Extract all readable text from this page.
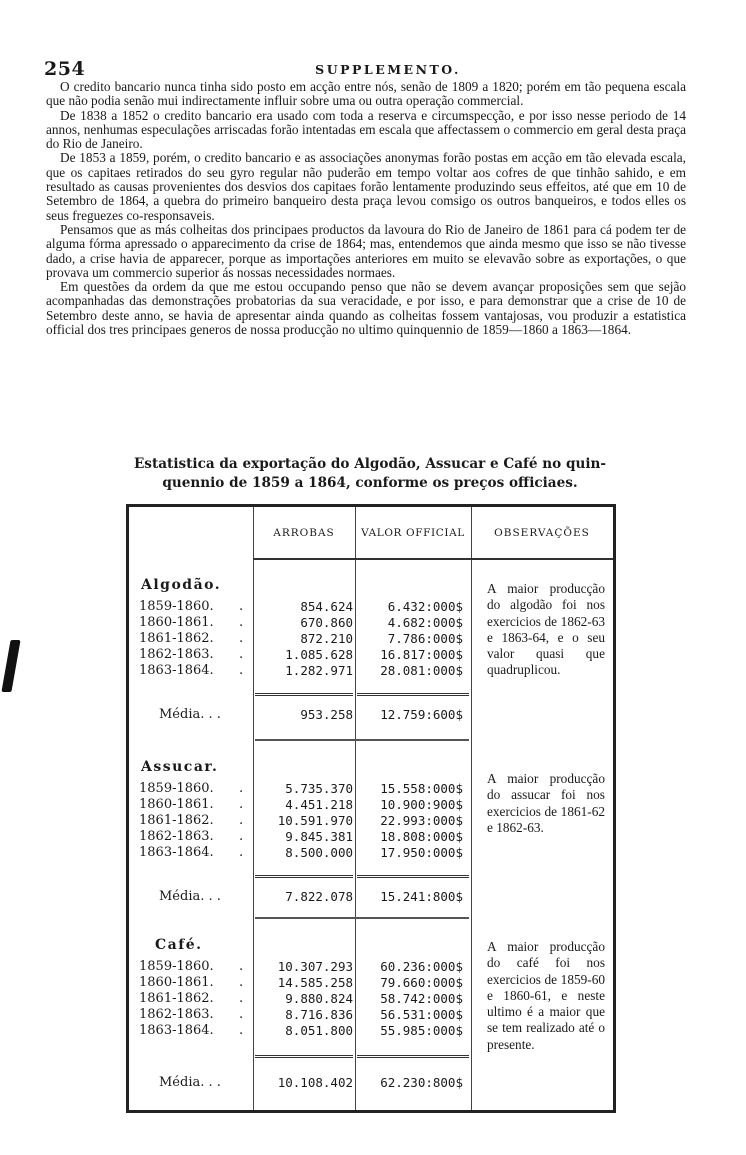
254	SUPPLEMENTO.

O credito bancario nunca tinha sido posto em acção entre nós, senão de 1809 a 1820; porém em tão pequena escala que não podia senão mui indirectamente influir sobre uma ou outra operação commercial.

De 1838 a 1852 o credito bancario era usado com toda a reserva e circumspecção, e por isso nesse periodo de 14 annos, nenhumas especulações arriscadas forão intentadas em escala que affectassem o commercio em geral desta praça do Rio de Janeiro.

De 1853 a 1859, porém, o credito bancario e as associações anonymas forão postas em acção em tão elevada escala, que os capitaes retirados do seu gyro regular não puderão em tempo voltar aos cofres de que tinhão sahido, e em resultado as causas provenientes dos desvios dos capitaes forão lentamente produzindo seus effeitos, até que em 10 de Setembro de 1864, a quebra do primeiro banqueiro desta praça levou comsigo os outros banqueiros, e todos elles os seus freguezes co-responsaveis.

Pensamos que as más colheitas dos principaes productos da lavoura do Rio de Janeiro de 1861 para cá podem ter de alguma fórma apressado o apparecimento da crise de 1864; mas, entendemos que ainda mesmo que isso se não tivesse dado, a crise havia de apparecer, porque as importações anteriores em muito se elevavão sobre as exportações, o que provava um commercio superior ás nossas necessidades normaes.

Em questões da ordem da que me estou occupando penso que não se devem avançar proposições sem que sejão acompanhadas das demonstrações probatorias da sua veracidade, e por isso, e para demonstrar que a crise de 10 de Setembro deste anno, se havia de apresentar ainda quando as colheitas fossem vantajosas, vou produzir a estatistica official dos tres principaes generos de nossa producção no ultimo quinquennio de 1859—1860 a 1863—1864.

Estatistica da exportação do Algodão, Assucar e Café no quin-
quennio de 1859 a 1864, conforme os preços officiaes.
ARROBAS	VALOR OFFICIAL	OBSERVAÇÕES
Algodão.
1859-1860.	.	854.624	6.432:000$
1860-1861.	.	670.860	4.682:000$
1861-1862.	.	872.210	7.786:000$
1862-1863.	.	1.085.628	16.817:000$
1863-1864.	.	1.282.971	28.081:000$
Média. . .	953.258	12.759:600$
A maior producção do algodão foi nos exercicios de 1862-63 e 1863-64, e o seu valor quasi que quadruplicou.
Assucar.
1859-1860.	.	5.735.370	15.558:000$
1860-1861.	.	4.451.218	10.900:900$
1861-1862.	.	10.591.970	22.993:000$
1862-1863.	.	9.845.381	18.808:000$
1863-1864.	.	8.500.000	17.950:000$
Média. . .	7.822.078	15.241:800$
A maior producção do assucar foi nos exercicios de 1861-62 e 1862-63.
Café.
1859-1860.	.	10.307.293	60.236:000$
1860-1861.	.	14.585.258	79.660:000$
1861-1862.	.	9.880.824	58.742:000$
1862-1863.	.	8.716.836	56.531:000$
1863-1864.	.	8.051.800	55.985:000$
Média. . .	10.108.402	62.230:800$
A maior producção do café foi nos exercicios de 1859-60 e 1860-61, e neste ultimo é a maior que se tem realizado até o presente.
